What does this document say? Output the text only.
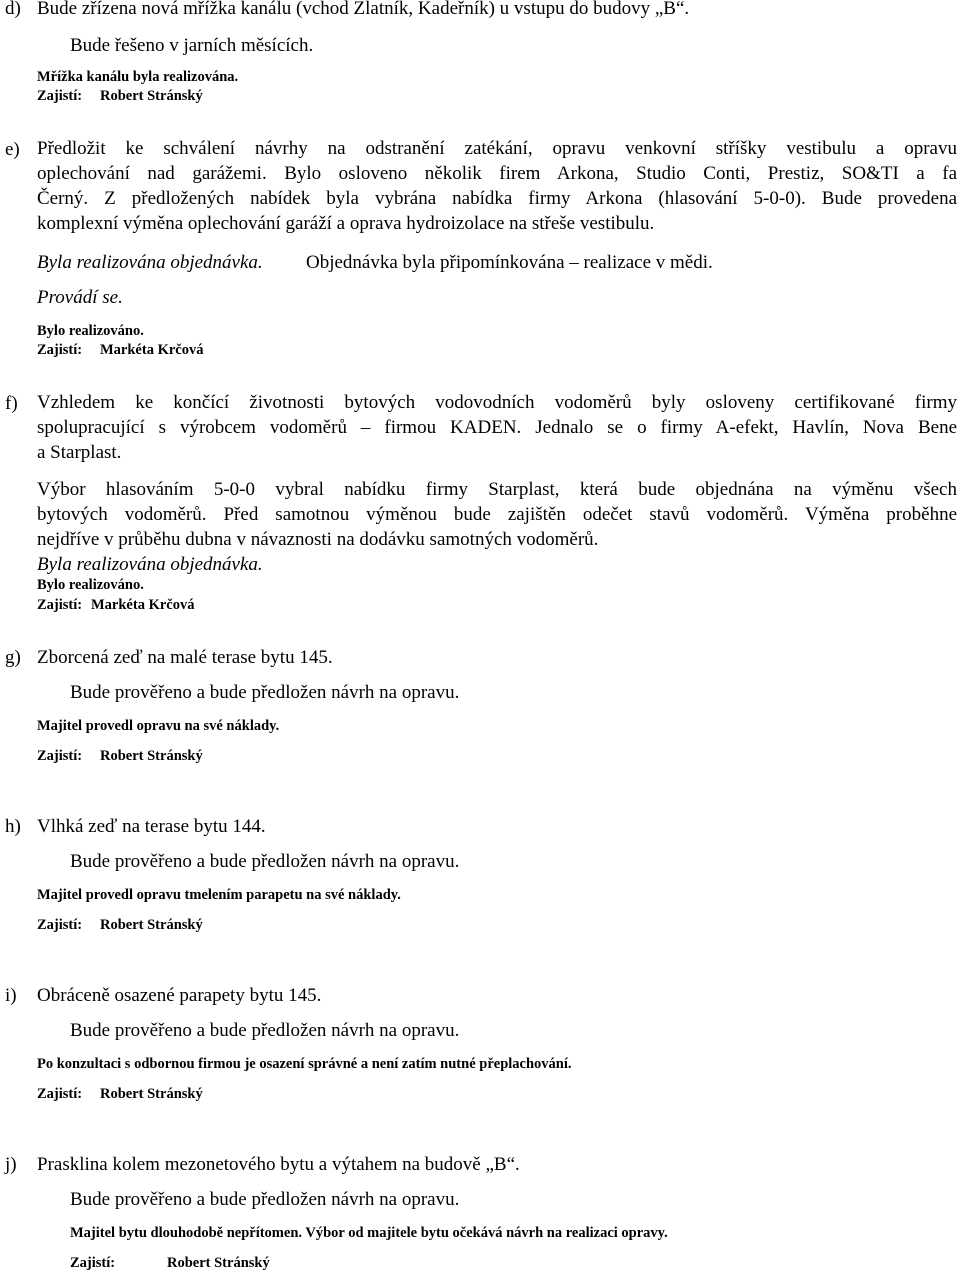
d) Bude zřízena nová mřížka kanálu (vchod Zlatník, Kadeřník) u vstupu do budovy „B“.
Bude řešeno v jarních měsících.
Mřížka kanálu byla realizována.
Zajistí: Robert Stránský
e) Předložit ke schválení návrhy na odstranění zatékání, opravu venkovní stříšky vestibulu a opravu
oplechování nad garážemi. Bylo osloveno několik firem Arkona, Studio Conti, Prestiz, SO&TI a fa
Černý. Z předložených nabídek byla vybrána nabídka firmy Arkona (hlasování 5-0-0). Bude provedena
komplexní výměna oplechování garáží a oprava hydroizolace na střeše vestibulu.
Byla realizována objednávka. Objednávka byla připomínkována – realizace v mědi.
Provádí se.
Bylo realizováno.
Zajistí: Markéta Krčová
f) Vzhledem ke končící životnosti bytových vodovodních vodoměrů byly osloveny certifikované firmy
spolupracující s výrobcem vodoměrů – firmou KADEN. Jednalo se o firmy A-efekt, Havlín, Nova Bene
a Starplast.
Výbor hlasováním 5-0-0 vybral nabídku firmy Starplast, která bude objednána na výměnu všech
bytových vodoměrů. Před samotnou výměnou bude zajištěn odečet stavů vodoměrů. Výměna proběhne
nejdříve v průběhu dubna v návaznosti na dodávku samotných vodoměrů.
Byla realizována objednávka.
Bylo realizováno.
Zajistí: Markéta Krčová
g) Zborcená zeď na malé terase bytu 145.
Bude prověřeno a bude předložen návrh na opravu.
Majitel provedl opravu na své náklady.
Zajistí: Robert Stránský
h) Vlhká zeď na terase bytu 144.
Bude prověřeno a bude předložen návrh na opravu.
Majitel provedl opravu tmelením parapetu na své náklady.
Zajistí: Robert Stránský
i) Obráceně osazené parapety bytu 145.
Bude prověřeno a bude předložen návrh na opravu.
Po konzultaci s odbornou firmou je osazení správné a není zatím nutné přeplachování.
Zajistí: Robert Stránský
j) Prasklina kolem mezonetového bytu a výtahem na budově „B“.
Bude prověřeno a bude předložen návrh na opravu.
Majitel bytu dlouhodobě nepřítomen. Výbor od majitele bytu očekává návrh na realizaci opravy.
Zajistí:	Robert Stránský
